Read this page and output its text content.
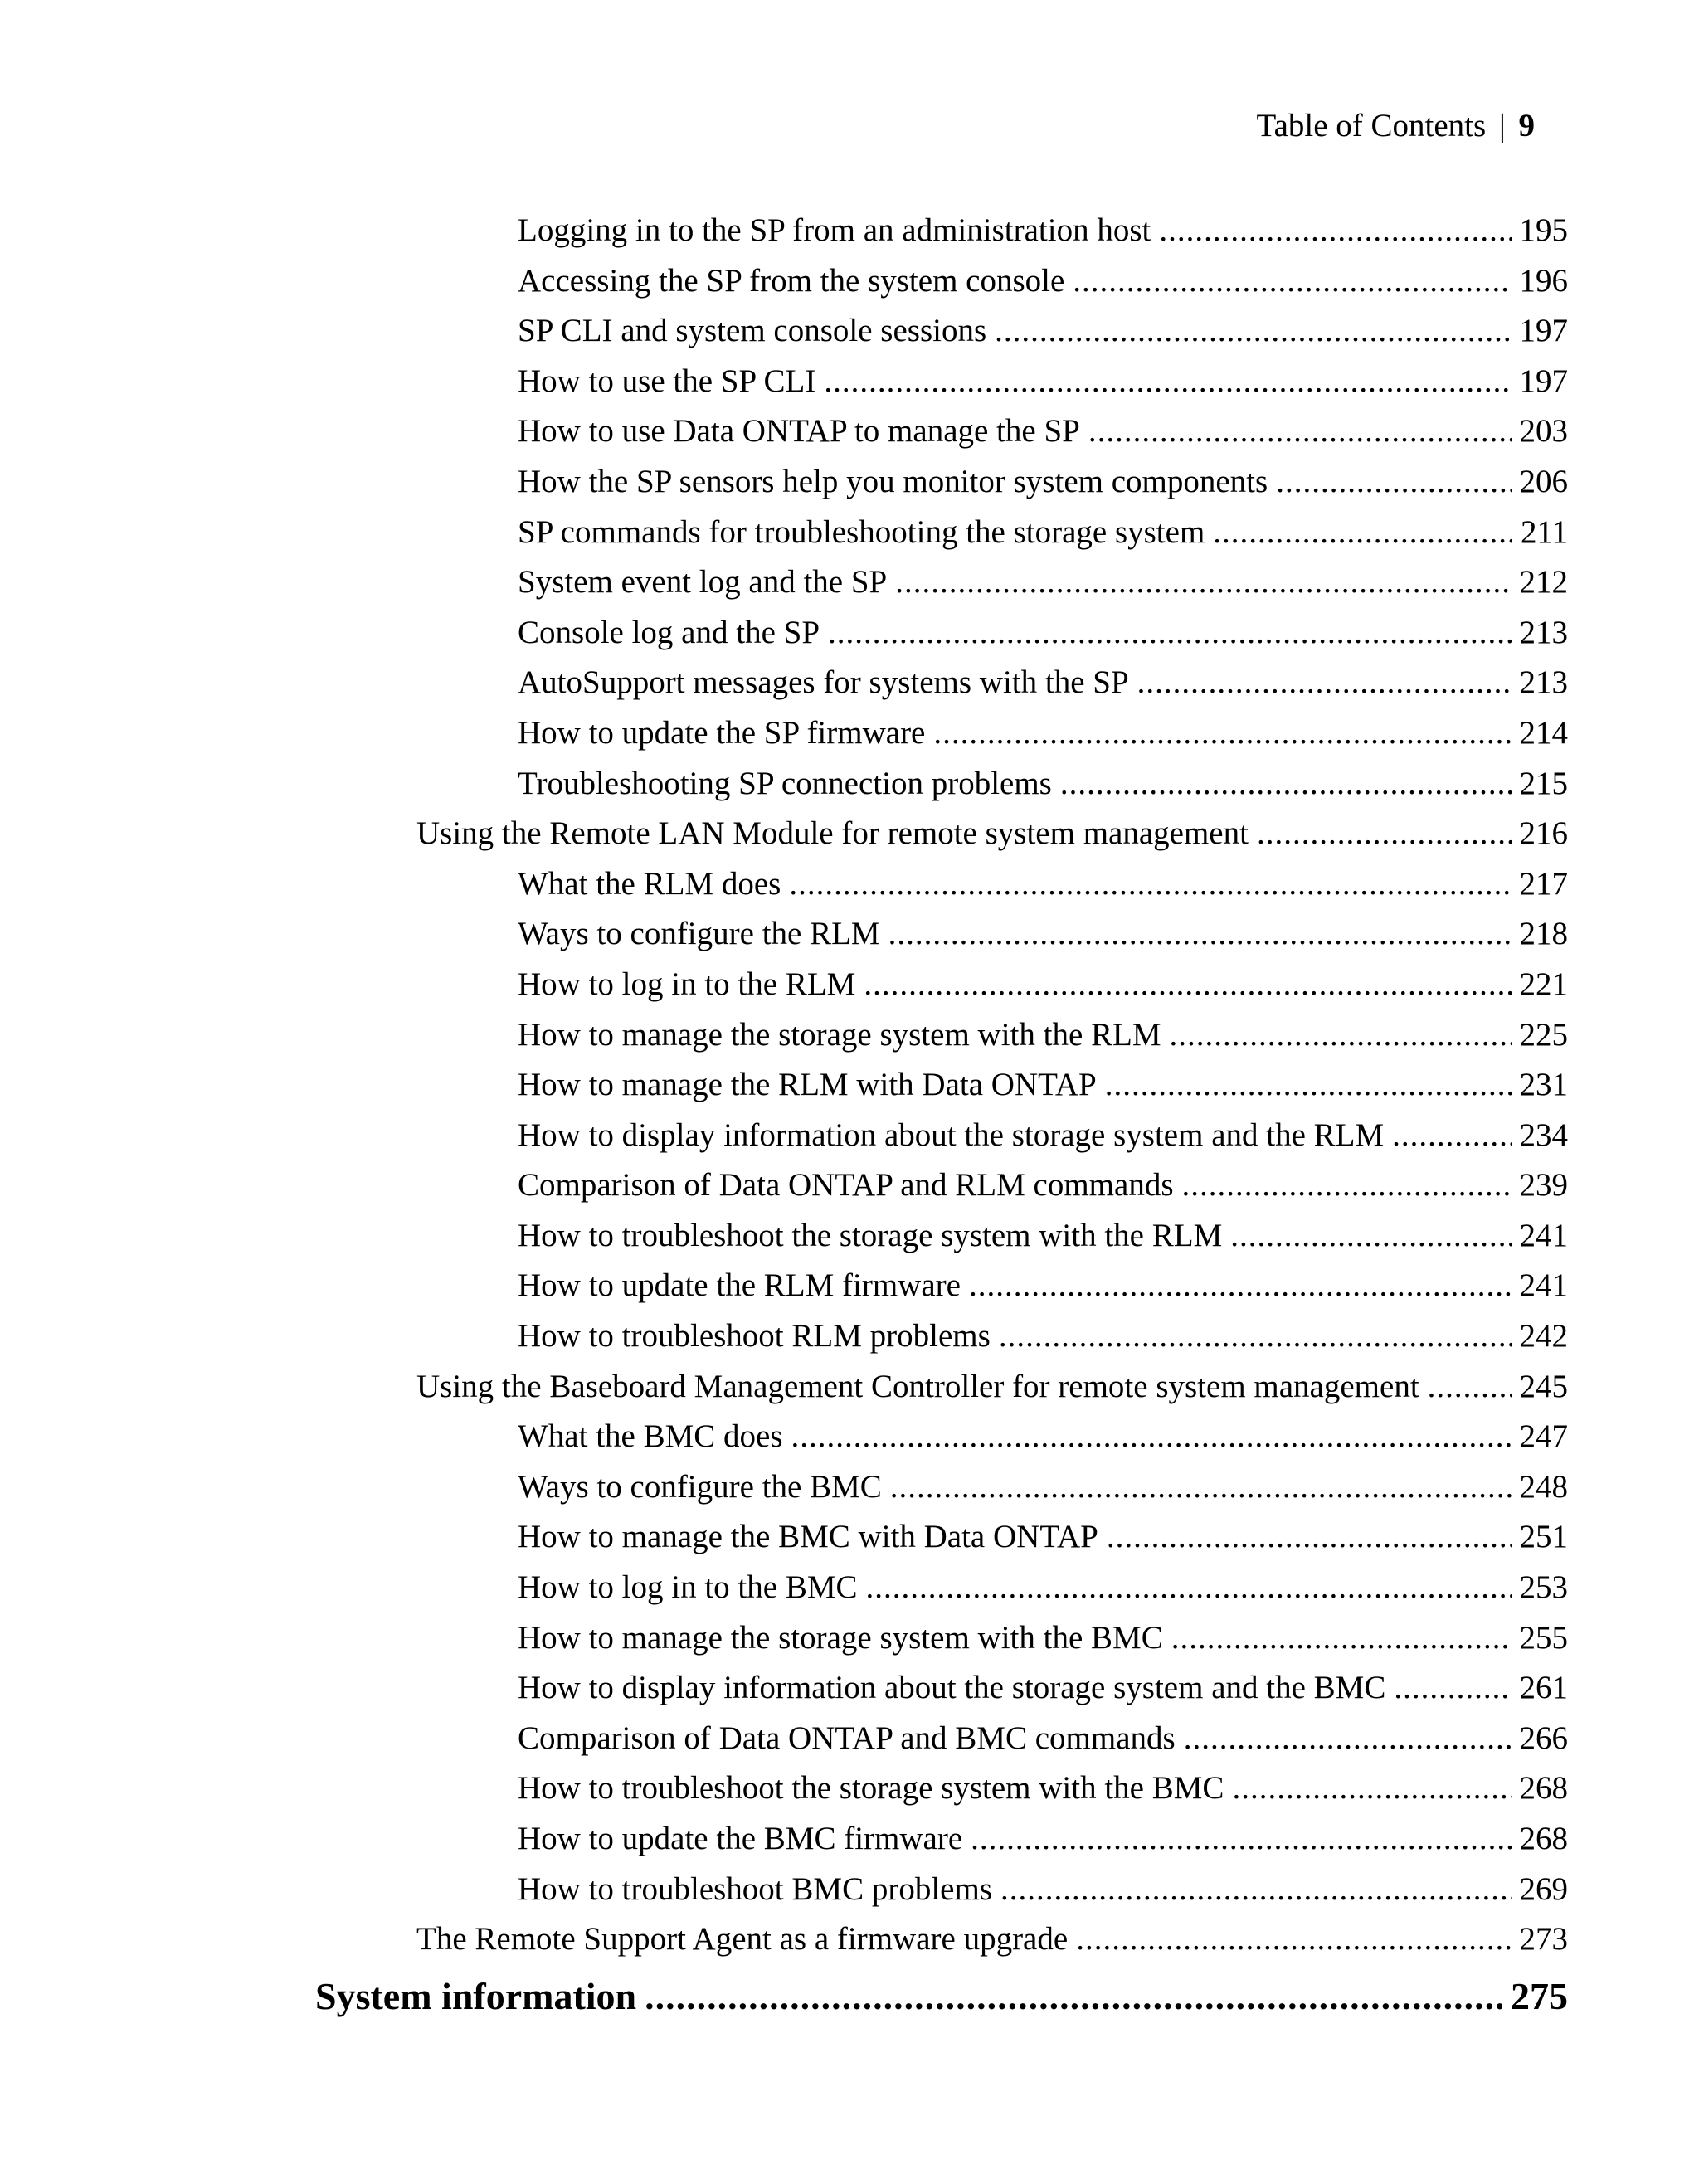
Table of Contents | 9
Logging in to the SP from an administration host .....	195
Accessing the SP from the system console .....	196
SP CLI and system console sessions .....	197
How to use the SP CLI .....	197
How to use Data ONTAP to manage the SP .....	203
How the SP sensors help you monitor system components .....	206
SP commands for troubleshooting the storage system .....	211
System event log and the SP .....	212
Console log and the SP .....	213
AutoSupport messages for systems with the SP .....	213
How to update the SP firmware .....	214
Troubleshooting SP connection problems .....	215
Using the Remote LAN Module for remote system management .....	216
What the RLM does .....	217
Ways to configure the RLM .....	218
How to log in to the RLM .....	221
How to manage the storage system with the RLM .....	225
How to manage the RLM with Data ONTAP .....	231
How to display information about the storage system and the RLM .....	234
Comparison of Data ONTAP and RLM commands .....	239
How to troubleshoot the storage system with the RLM .....	241
How to update the RLM firmware .....	241
How to troubleshoot RLM problems .....	242
Using the Baseboard Management Controller for remote system management .....	245
What the BMC does .....	247
Ways to configure the BMC .....	248
How to manage the BMC with Data ONTAP .....	251
How to log in to the BMC .....	253
How to manage the storage system with the BMC .....	255
How to display information about the storage system and the BMC .....	261
Comparison of Data ONTAP and BMC commands .....	266
How to troubleshoot the storage system with the BMC .....	268
How to update the BMC firmware .....	268
How to troubleshoot BMC problems .....	269
The Remote Support Agent as a firmware upgrade .....	273
System information .....	275
